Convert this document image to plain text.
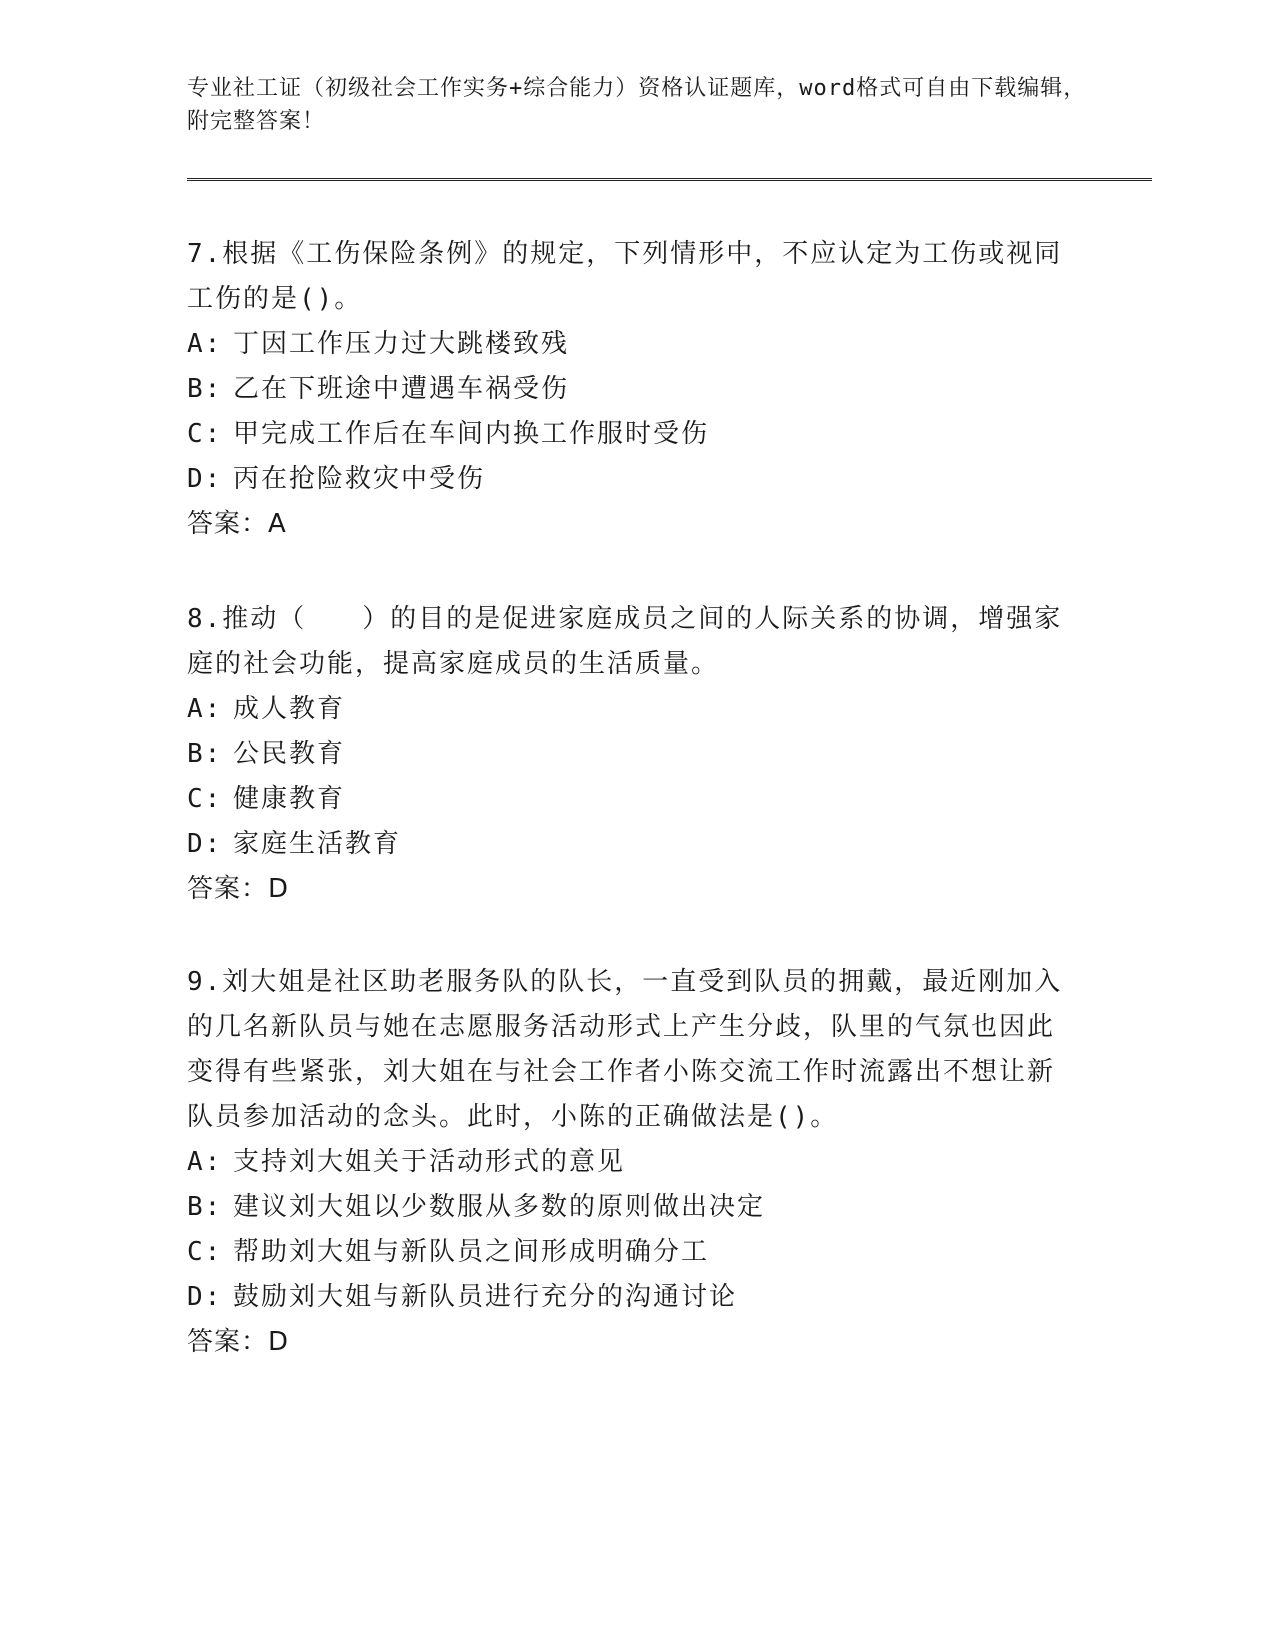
专业社工证（初级社会工作实务+综合能力）资格认证题库，word格式可自由下载编辑，附完整答案！
7.根据《工伤保险条例》的规定，下列情形中，不应认定为工伤或视同工伤的是()。
A: 丁因工作压力过大跳楼致残
B: 乙在下班途中遭遇车祸受伤
C: 甲完成工作后在车间内换工作服时受伤
D: 丙在抢险救灾中受伤
答案：A
8.推动（　　）的目的是促进家庭成员之间的人际关系的协调，增强家庭的社会功能，提高家庭成员的生活质量。
A: 成人教育
B: 公民教育
C: 健康教育
D: 家庭生活教育
答案：D
9.刘大姐是社区助老服务队的队长，一直受到队员的拥戴，最近刚加入的几名新队员与她在志愿服务活动形式上产生分歧，队里的气氛也因此变得有些紧张，刘大姐在与社会工作者小陈交流工作时流露出不想让新队员参加活动的念头。此时，小陈的正确做法是()。
A: 支持刘大姐关于活动形式的意见
B: 建议刘大姐以少数服从多数的原则做出决定
C: 帮助刘大姐与新队员之间形成明确分工
D: 鼓励刘大姐与新队员进行充分的沟通讨论
答案：D
